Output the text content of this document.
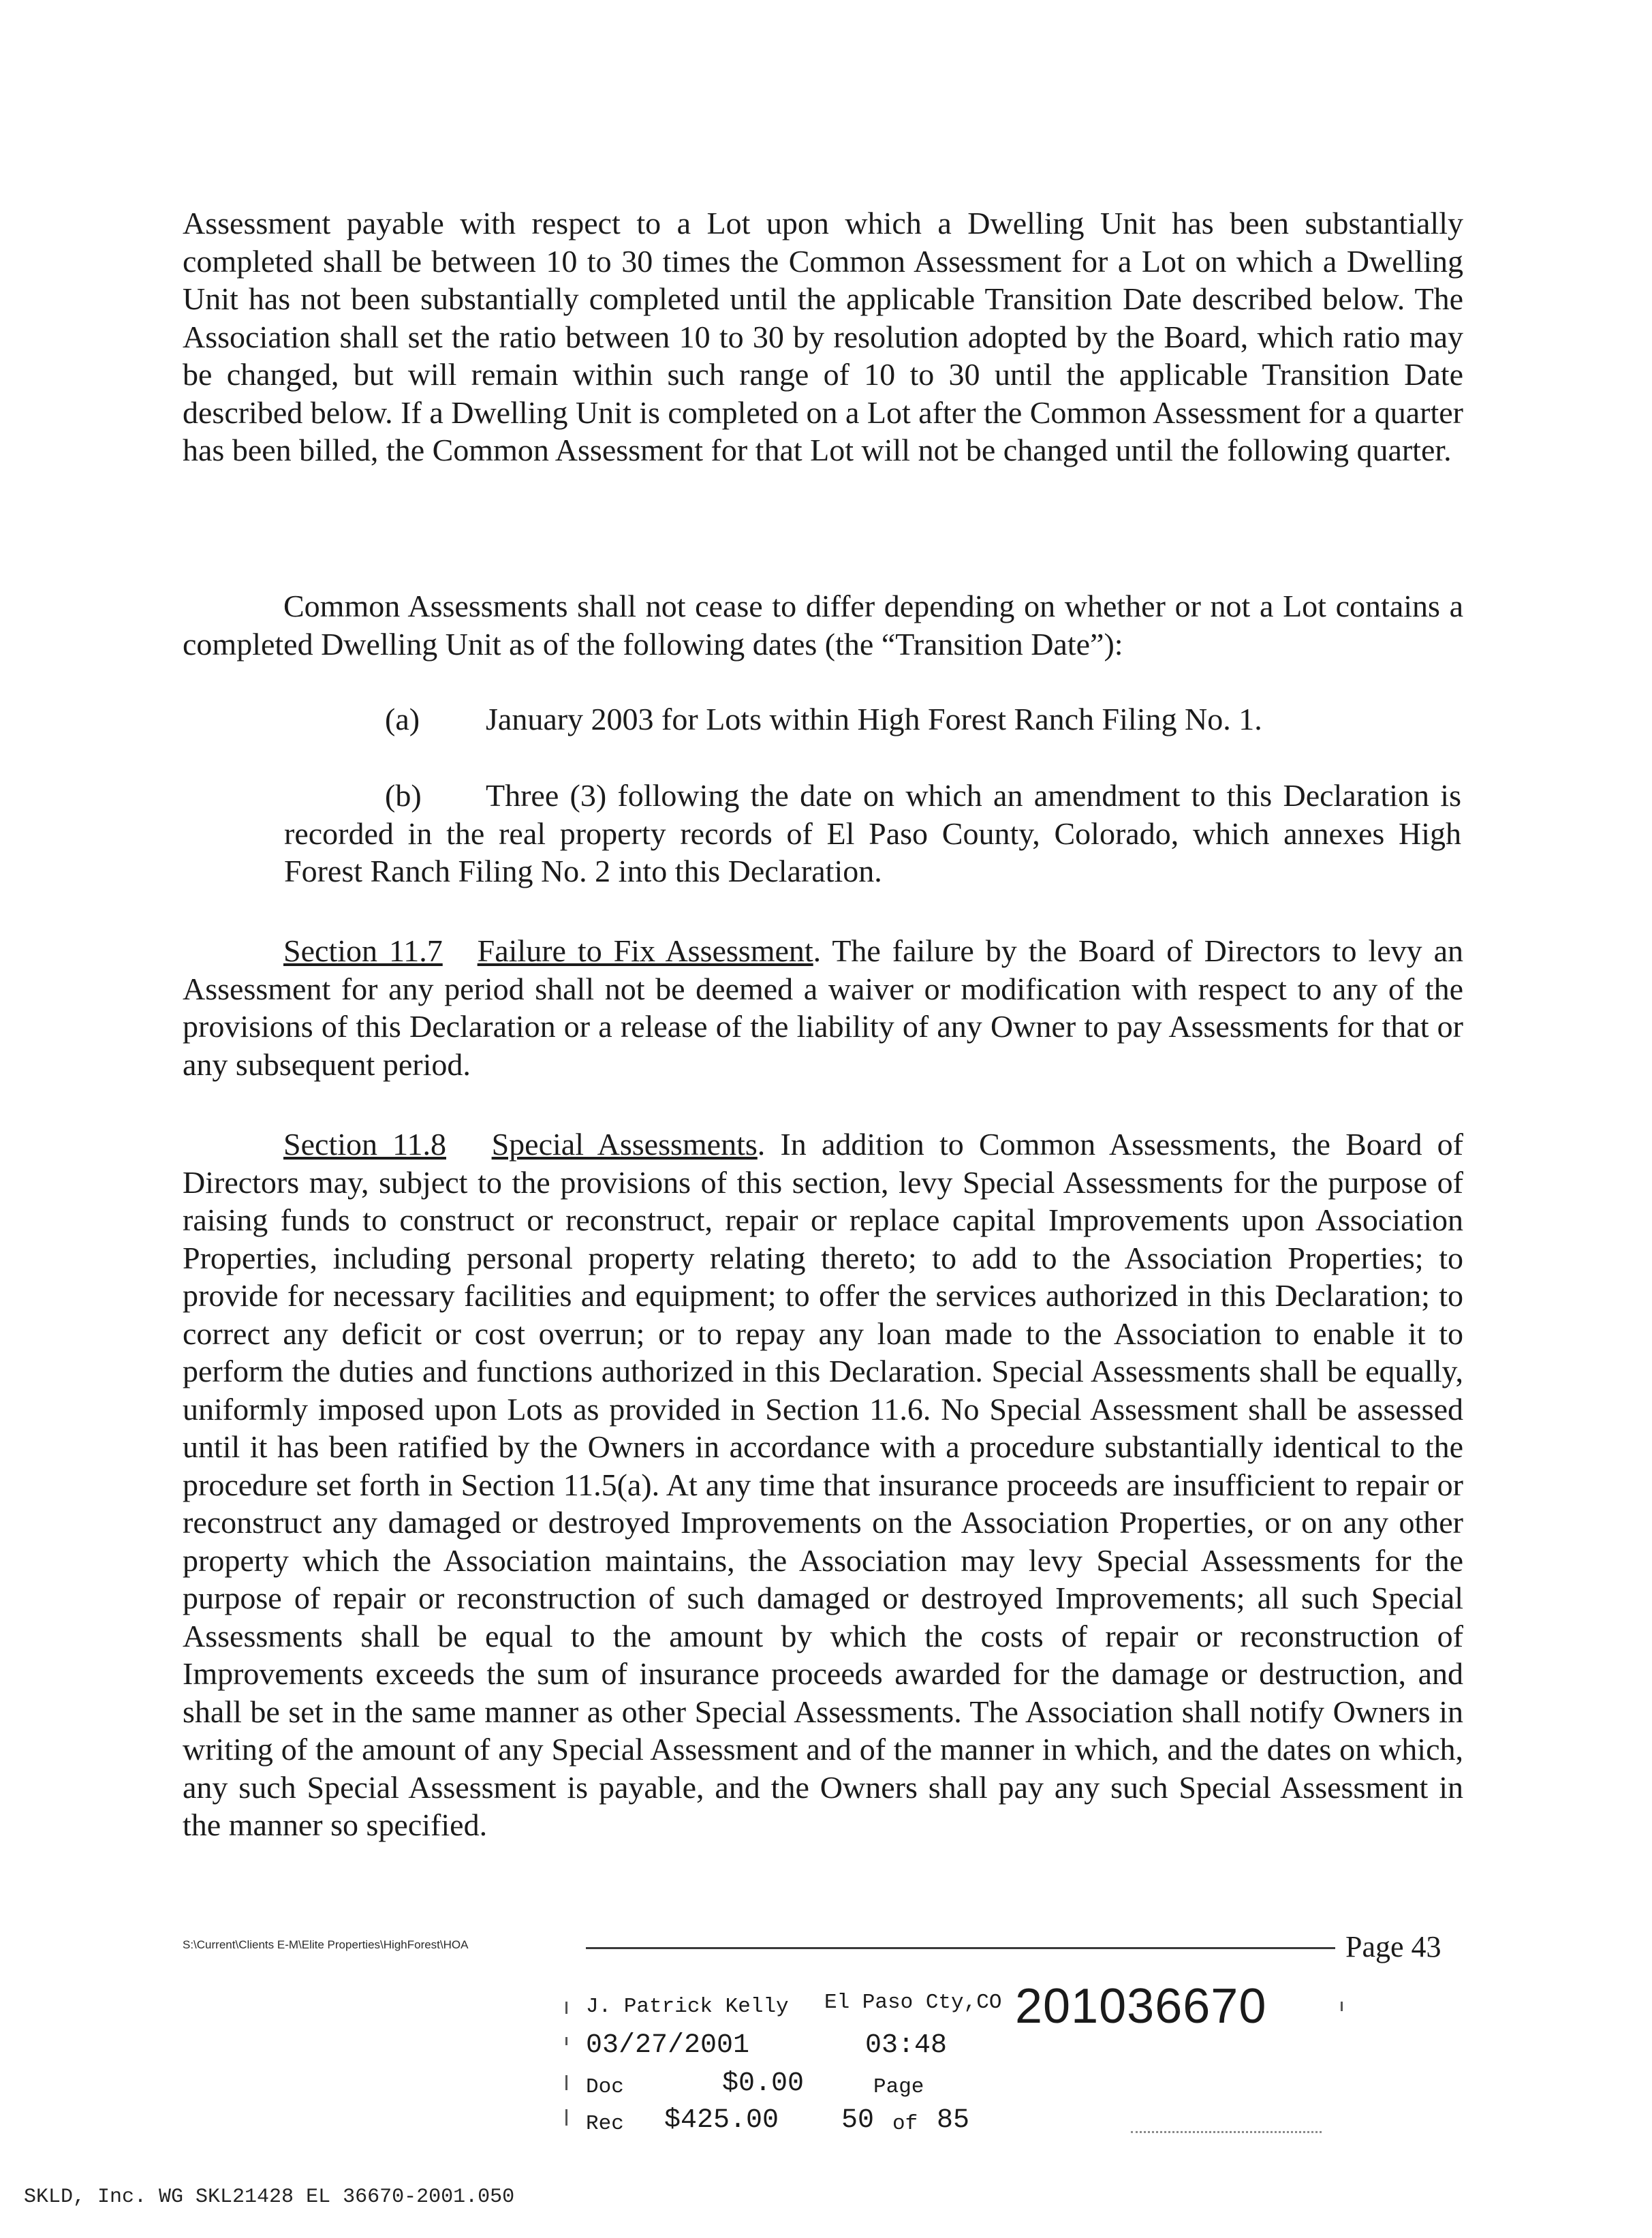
Assessment payable with respect to a Lot upon which a Dwelling Unit has been substantially completed shall be between 10 to 30 times the Common Assessment for a Lot on which a Dwelling Unit has not been substantially completed until the applicable Transition Date described below. The Association shall set the ratio between 10 to 30 by resolution adopted by the Board, which ratio may be changed, but will remain within such range of 10 to 30 until the applicable Transition Date described below. If a Dwelling Unit is completed on a Lot after the Common Assessment for a quarter has been billed, the Common Assessment for that Lot will not be changed until the following quarter.

Common Assessments shall not cease to differ depending on whether or not a Lot contains a completed Dwelling Unit as of the following dates (the “Transition Date”):

(a) January 2003 for Lots within High Forest Ranch Filing No. 1.
(b) Three (3) following the date on which an amendment to this Declaration is recorded in the real property records of El Paso County, Colorado, which annexes High Forest Ranch Filing No. 2 into this Declaration.

Section 11.7 Failure to Fix Assessment. The failure by the Board of Directors to levy an Assessment for any period shall not be deemed a waiver or modification with respect to any of the provisions of this Declaration or a release of the liability of any Owner to pay Assessments for that or any subsequent period.

Section 11.8 Special Assessments. In addition to Common Assessments, the Board of Directors may, subject to the provisions of this section, levy Special Assessments for the purpose of raising funds to construct or reconstruct, repair or replace capital Improvements upon Association Properties, including personal property relating thereto; to add to the Association Properties; to provide for necessary facilities and equipment; to offer the services authorized in this Declaration; to correct any deficit or cost overrun; or to repay any loan made to the Association to enable it to perform the duties and functions authorized in this Declaration. Special Assessments shall be equally, uniformly imposed upon Lots as provided in Section 11.6. No Special Assessment shall be assessed until it has been ratified by the Owners in accordance with a procedure substantially identical to the procedure set forth in Section 11.5(a). At any time that insurance proceeds are insufficient to repair or reconstruct any damaged or destroyed Improvements on the Association Properties, or on any other property which the Association maintains, the Association may levy Special Assessments for the purpose of repair or reconstruction of such damaged or destroyed Improvements; all such Special Assessments shall be equal to the amount by which the costs of repair or reconstruction of Improvements exceeds the sum of insurance proceeds awarded for the damage or destruction, and shall be set in the same manner as other Special Assessments. The Association shall notify Owners in writing of the amount of any Special Assessment and of the manner in which, and the dates on which, any such Special Assessment is payable, and the Owners shall pay any such Special Assessment in the manner so specified.

S:\Current\Clients E-M\Elite Properties\HighForest\HOA	Page 43
J. Patrick Kelly El Paso Cty,CO 201036670
03/27/2001	03:48
Doc	$0.00	Page
Rec $425.00 50 of 85
SKLD, Inc. WG SKL21428 EL 36670-2001.050
